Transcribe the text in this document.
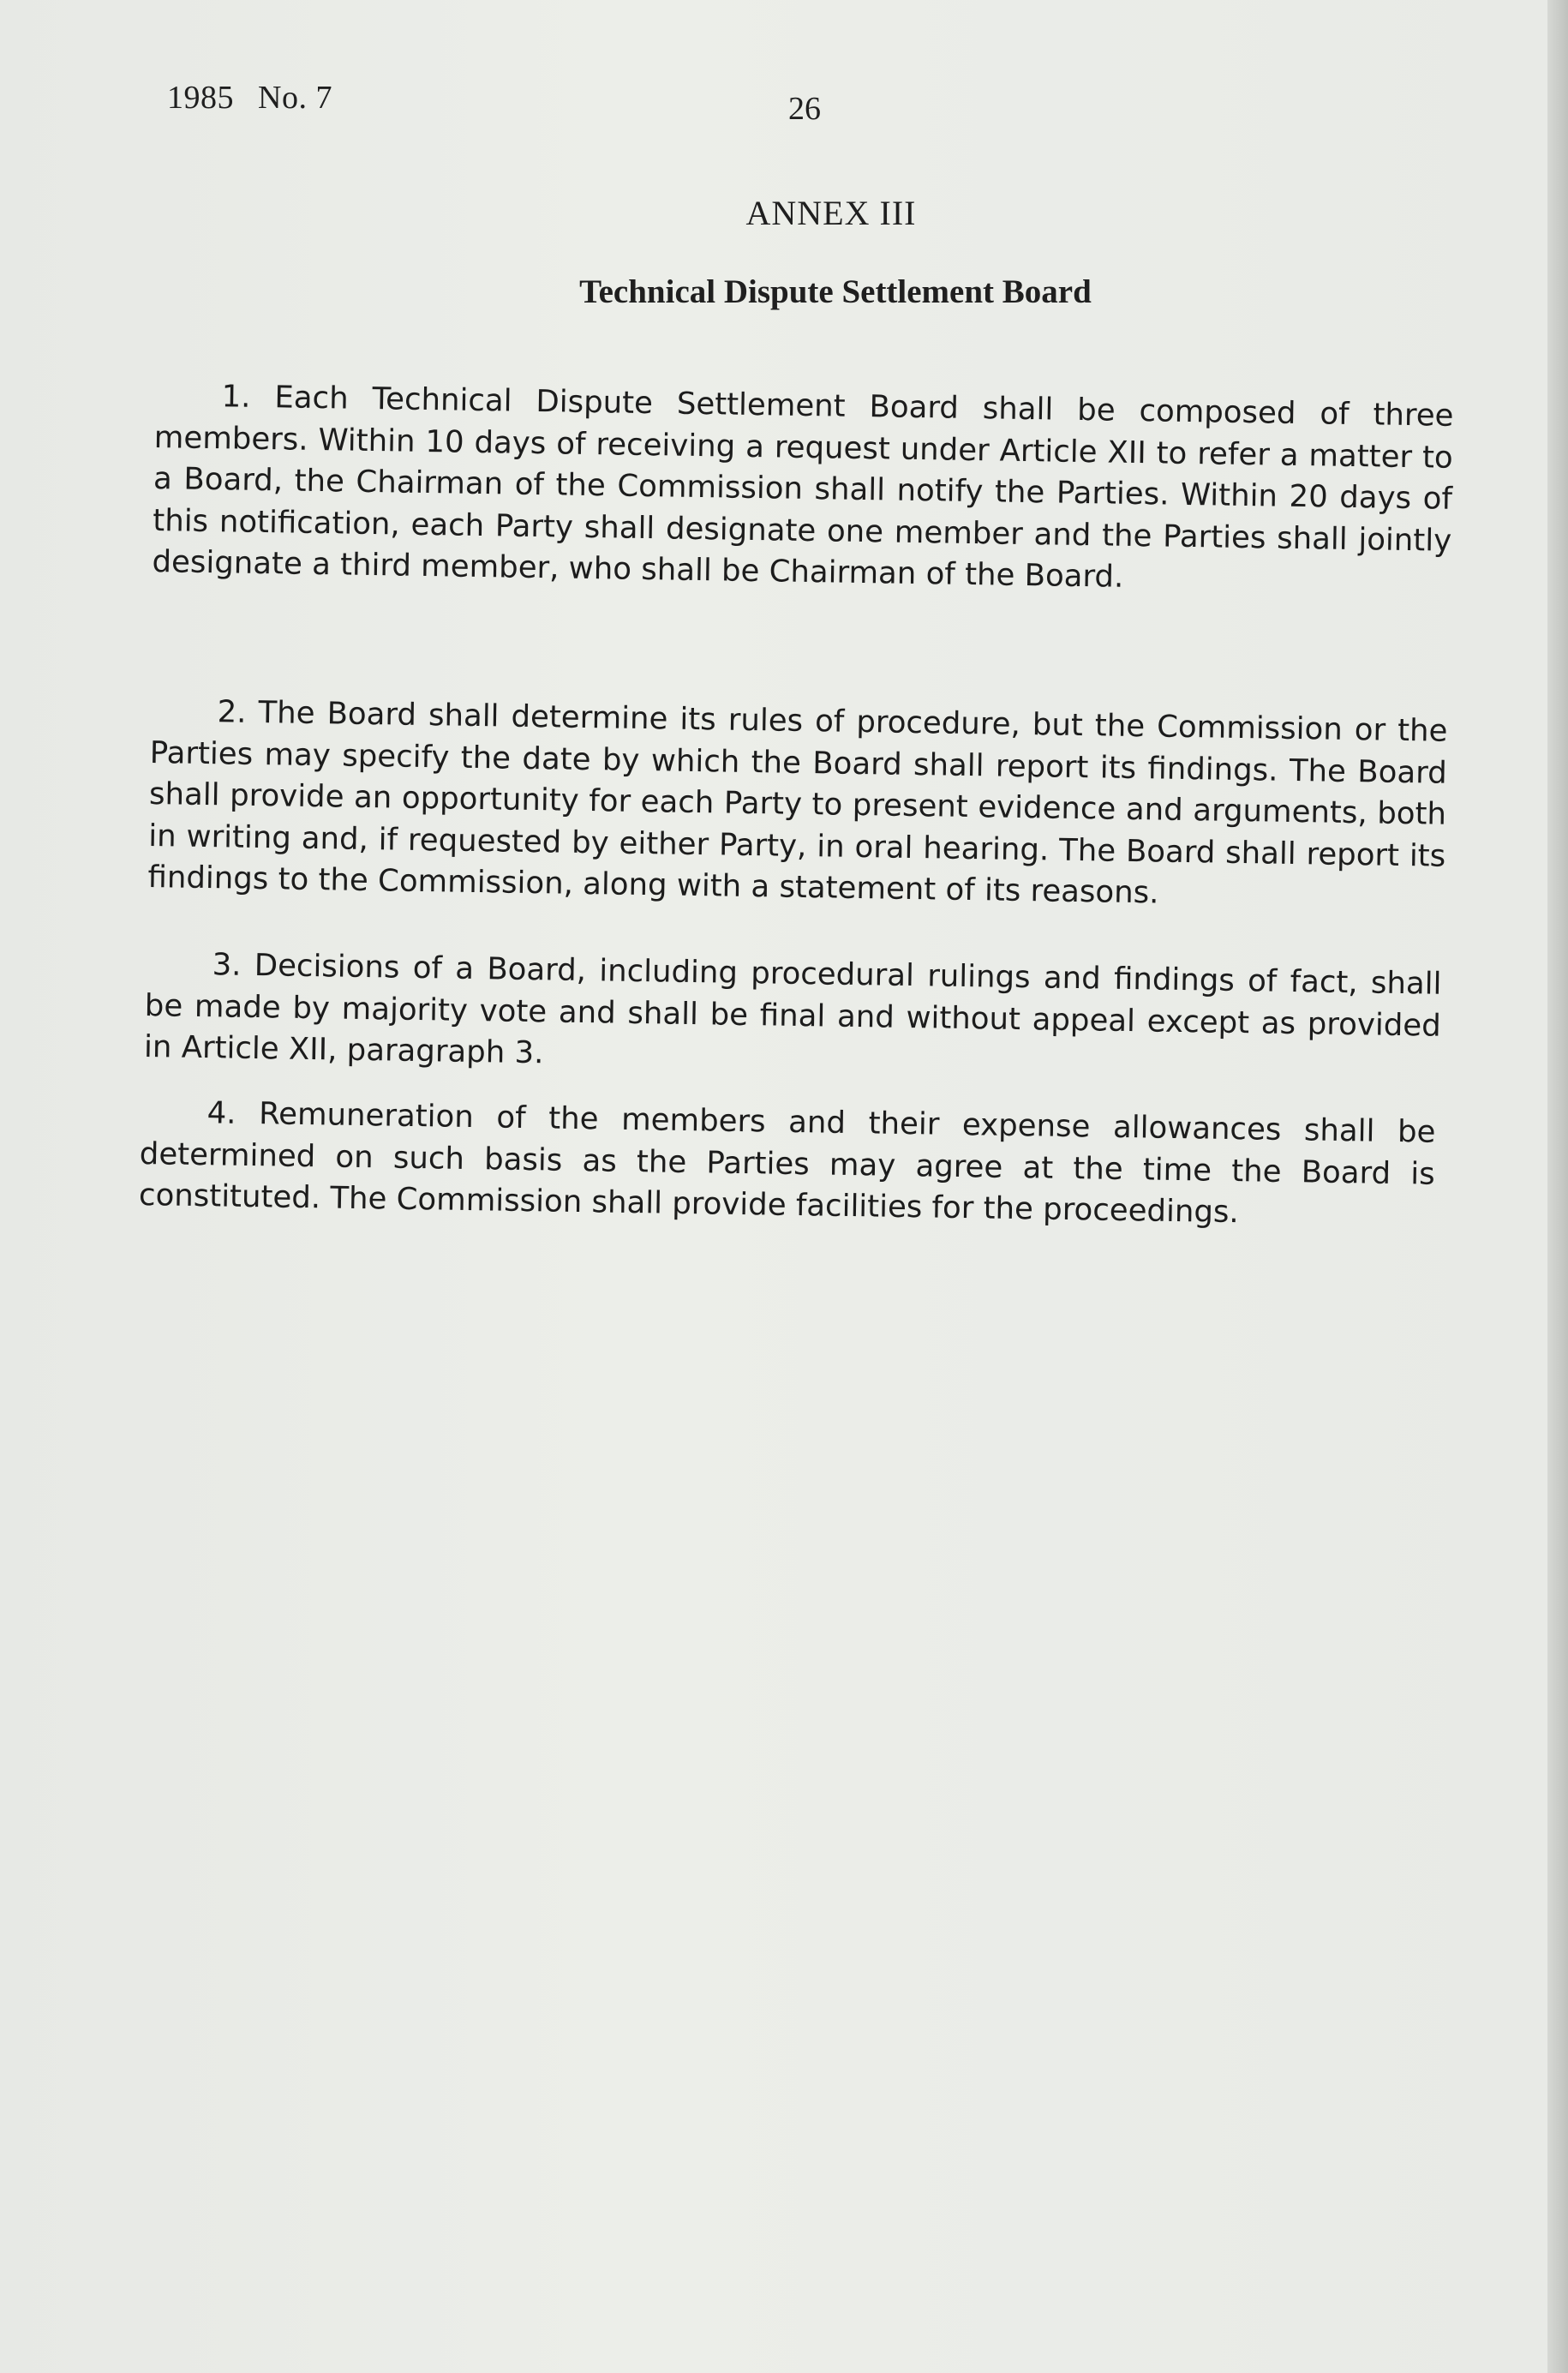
1985 No. 7	26
ANNEX III
Technical Dispute Settlement Board

1. Each Technical Dispute Settlement Board shall be composed of three members. Within 10 days of receiving a request under Article XII to refer a matter to a Board, the Chairman of the Commission shall notify the Parties. Within 20 days of this notification, each Party shall designate one member and the Parties shall jointly designate a third member, who shall be Chairman of the Board.

2. The Board shall determine its rules of procedure, but the Commission or the Parties may specify the date by which the Board shall report its findings. The Board shall provide an opportunity for each Party to present evidence and arguments, both in writing and, if requested by either Party, in oral hearing. The Board shall report its findings to the Commission, along with a statement of its reasons.

3. Decisions of a Board, including procedural rulings and findings of fact, shall be made by majority vote and shall be final and without appeal except as provided in Article XII, paragraph 3.

4. Remuneration of the members and their expense allowances shall be determined on such basis as the Parties may agree at the time the Board is constituted. The Commission shall provide facilities for the proceedings.
